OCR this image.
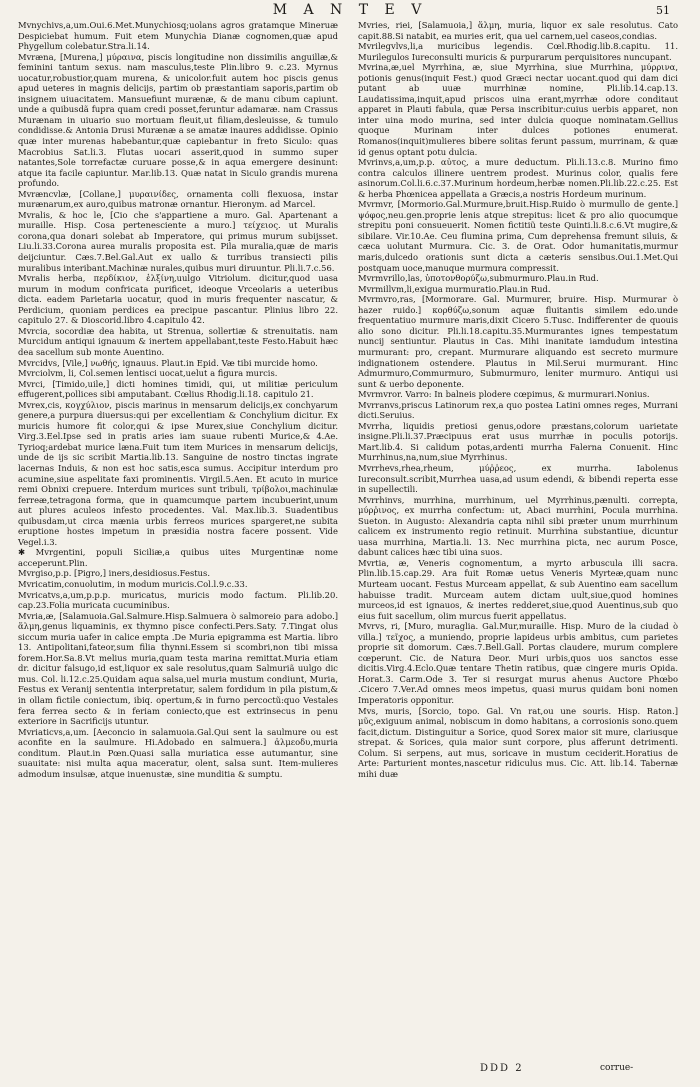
M A N T E V	51

Mvnychivs,a,um.Oui.6.Met.Munychiosq;uolans agros gratamque Mineruæ Despiciebat humum. Fuit etem Munychia Dianæ cognomen,quæ apud Phygellum colebatur.Stra.li.14.

Mvræna, [Murena,] μύραινα, piscis longitudine non dissimilis anguillæ,& feminini tantum sexus. nam masculus,teste Plin.libro 9. c.23. Myrnus uocatur,robustior,quam murena, & unicolor.fuit autem hoc piscis genus apud ueteres in magnis delicijs, partim ob præstantiam saporis,partim ob insignem uiuacitatem. Mansuefiunt murænæ, & de manu cibum capiunt. unde a quibusdã fupra quam credi posset,feruntur adamaræ. nam Crassus Murænam in uiuario suo mortuam fleuit,ut filiam,desleuisse, & tumulo condidisse.& Antonia Drusi Murænæ a se amatæ inaures addidisse. Opinio quæ inter murenas habebantur,quæ capiebantur in freto Siculo: quas Macrobius Sat.li.3. Flutas uocari asserit,quod in summo super natantes,Sole torrefactæ curuare posse,& in aqua emergere desinunt: atque ita facile capiuntur. Mar.lib.13. Quæ natat in Siculo grandis murena profundo.

Mvræncvlæ, [Collane,] μυραινίδες, ornamenta colli flexuosa, instar murænarum,ex auro,quibus matronæ ornantur. Hieronym. ad Marcel.

Mvralis, & hoc le, [Cio che s'appartiene a muro. Gal. Apartenant a muraille. Hisp. Cosa pertenesciente a muro.] τείχειος. ut Muralis corona,qua donari solebat ab Imperatore, qui primus murum subijsset. Liu.li.33.Corona aurea muralis proposita est. Pila muralia,quæ de maris deijciuntur. Cæs.7.Bel.Gal.Aut ex uallo & turribus transiecti pilis muralibus interibant.Machinæ nurales,quibus muri diruuntur. Pli.li.7.c.56.

Mvralis herba, περδίκιον, ἑλξίνη,uulgo Vitriolum. dicitur,quod uasa murum in modum confricata purificet, ideoque Vrceolaris a ueteribus dicta. eadem Parietaria uocatur, quod in muris frequenter nascatur, & Perdicium, quoniam perdices ea precipue pascantur. Plinius libro 22. capitulo 27. & Dioscorid.libro 4.capitulo 42.

Mvrcia, socordiæ dea habita, ut Strenua, sollertiæ & strenuitatis. nam Murcidum antiqui ignauum & inertem appellabant,teste Festo.Habuit hæc dea sacellum sub monte Auentino.

Mvrcidvs, [Vile,] νωθής, ignauus. Plaut.in Epid. Væ tibi murcide homo.

Mvrciolvm, li, Col.semen lentisci uocat,uelut a figura murcis.

Mvrci, [Timido,uile,] dicti homines timidi, qui, ut militiæ periculum effugerent,pollices sibi amputabant. Cœlius Rhodig.li.18. capitulo 21.

Mvrex,cis, κογχύλιον, piscis marinus in mensarum delicijs,ex conchyarum genere,a purpura diuersus:qui per excellentiam & Conchylium dicitur. Ex muricis humore fit color,qui & ipse Murex,siue Conchylium dicitur. Virg.3.Eel.Ipse sed in pratis aries iam suaue rubenti Murice,& 4.Ae. Tyrioq;ardebat murice læna.Fuit tum item Murices in mensarum delicijs, unde de ijs sic scribit Martia.lib.13. Sanguine de nostro tinctas ingrate lacernas Induis, & non est hoc satis,esca sumus. Accipitur interdum pro acumine,siue aspelitate faxi prominentis. Virgil.5.Aen. Et acuto in murice remi Obnixi crepuere. Interdum murices sunt tribuli, τρίβολοι,machinulæ ferreæ,tetragona forma, que in quamcumque partem incubuerint,unum aut plures aculeos infesto procedentes. Val. Max.lib.3. Suadentibus quibusdam,ut circa mænia urbis ferreos murices spargeret,ne subita eruptione hostes impetum in præsidia nostra facere possent. Vide Vegel.i.3.

✱ Mvrgentini, populi Siciliæ,a quibus uites Murgentinæ nome acceperunt.Plin.

Mvrgiso,p.p. [Pigro,] iners,desidiosus.Festus.

Mvricatim,conuolutim, in modum muricis.Col.l.9.c.33.

Mvricatvs,a,um,p.p.p. muricatus, muricis modo factum. Pli.lib.20. cap.23.Folia muricata cucuminibus.

Mvria,æ, [Salamuoia.Gal.Salmure.Hisp.Salmuera ò salmoreio para adobo.] ἅλμη,genus liquaminis, ex thymno pisce confecti.Pers.Saty. 7.Tingat olus siccum muria uafer in calice empta .De Muria epigramma est Martia. libro 13. Antipolitani,fateor,sum filia thynni.Essem si scombri,non tibi missa forem.Hor.Sa.8.Vt melius muria,quam testa marina remittat.Muria etiam dr. dicitur falsugo,id est,liquor ex sale resolutus,quam Salmuriã uulgo dic mus. Col. li.12.c.25.Quidam aqua salsa,uel muria mustum condiunt, Muria, Festus ex Veranij sententia interpretatur, salem fordidum in pila pistum,& in ollam fictile coniectum, ibiq. opertum,& in furno percoctũ:quo Vestales fera ferrea secto & in feriam coniecto,que est extrinsecus in penu exteriore in Sacrificijs utuntur.

Mvriaticvs,a,um. [Aeconcio in salamuoia.Gal.Qui sent la saulmure ou est aconfite en la saulmure. Hi.Adobado en salmuera.] ἁλμεοδυ,muria conditum. Plaut.in Pœn.Quasi salla muriatica esse autumantur, sine suauitate: nisi multa aqua maceratur, olent, salsa sunt. Item-mulieres admodum insulsæ, atque inuenustæ, sine munditia & sumptu.

Mvries, riei, [Salamuoia,] ἅλμη, muria, liquor ex sale resolutus. Cato capit.88.Si natabit, ea muries erit, qua uel carnem,uel caseos,condias.

Mvrilegvlvs,li,a muricibus legendis. Cœl.Rhodig.lib.8.capitu. 11. Murilegulos Iureconsulti muricis & purpurarum perquisitores nuncupant.

Mvrina,æ,uel Myrrhina, æ, siue Myrrhina, siue Murrhina, μύρρινα, potionis genus(inquit Fest.) quod Græci nectar uocant.quod qui dam dici putant ab uuæ murrhinæ nomine, Pli.lib.14.cap.13. Laudatissima,inquit,apud priscos uina erant,myrrhæ odore conditaut apparet in Plauti fabula, quæ Persa inscribitur:cuius uerbis apparet, non inter uina modo murina, sed inter dulcia quoque nominatam.Gellius quoque Murinam inter dulces potiones enumerat. Romanos(inquit)mulieres bibere solitas ferunt passum, murrinam, & quæ id genus optant potu dulcia.

Mvrinvs,a,um,p.p. αὐτος, a mure deductum. Pli.li.13.c.8. Murino fimo contra calculos illinere uentrem prodest. Murinus color, qualis fere asinorum.Col.li.6.c.37.Murinum hordeum,herbæ nomen.Pli.lib.22.c.25. Est & herba Phœnicea appellata a Græcis,a nostris Hordeum murinum.

Mvrmvr, [Mormorio.Gal.Murmure,bruit.Hisp.Ruido ò murmullo de gente.] ψόφος,neu.gen.proprie lenis atque strepitus: licet & pro alio quocumque strepitu poni consueuerit. Nomen fictitiũ teste Quinti.li.8.c.6.Vt mugire,& sibilare. Vir.10.Ae. Ceu flumina prima, Cum deprehensa fremunt siluis, & cæca uolutant Murmura. Cic. 3. de Orat. Odor humanitatis,murmur maris,dulcedo orationis sunt dicta a cæteris sensibus.Oui.1.Met.Qui postquam uoce,manuque murmura compressit.

Mvrmvrillo,las, ὑποτονθορύζω,submurmuro.Plau.in Rud.

Mvrmillvm,li,exigua murmuratio.Plau.in Rud.

Mvrmvro,ras, [Mormorare. Gal. Murmurer, bruire. Hisp. Murmurar ò hazer ruido.] κορθύζω,sonum aquæ fluitantis similem edo.unde frequentatiuo murmure maris,dixit Cicero 5.Tusc. Indifferenter de quouis alio sono dicitur. Pli.li.18.capitu.35.Murmurantes ignes tempestatum nuncij sentiuntur. Plautus in Cas. Mihi inanitate iamdudum intestina murmurant: pro, crepant. Murmurare aliquando est secreto murmure indignationem ostendere. Plautus in Mil.Serui murmurant. Hinc Admurmuro,Commurmuro, Submurmuro, leniter murmuro. Antiqui usi sunt & uerbo deponente.

Mvrmvror. Varro: In balneis plodere cœpimus, & murmurari.Nonius.

Mvrranvs,priscus Latinorum rex,a quo postea Latini omnes reges, Murrani dicti.Seruius.

Mvrrha, liquidis pretiosi genus,odore præstans,colorum uarietate insigne.Pli.li.37.Præcipuus erat usus murrhæ in poculis potorijs. Mart.lib.4. Si calidum potas,ardenti murrha Falerna Conuenit. Hinc Murrhinus,na,num,siue Myrrhinus.

Mvrrhevs,rhea,rheum, μύῤῥεος, ex murrha. Iabolenus Iureconsult.scribit,Murrhea uasa,ad usum edendi, & bibendi reperta esse in supellectili.

Mvrrhinvs, murrhina, murrhinum, uel Myrrhinus,pænulti. correpta, μύρῥινος, ex murrha confectum: ut, Abaci murrhini, Pocula murrhina. Sueton. in Augusto: Alexandria capta nihil sibi præter unum murrhinum calicem ex instrumento regio retinuit. Murrhina substantiue, dicuntur uasa murrhina, Martia.li. 13. Nec murrhina picta, nec aurum Posce, dabunt calices hæc tibi uina suos.

Mvrtia, æ, Veneris cognomentum, a myrto arbuscula illi sacra. Plin.lib.15.cap.29. Ara fuit Romæ uetus Veneris Myrteæ,quam nunc Murteam uocant. Festus Murceam appellat, & sub Auentino eam sacellum habuisse tradit. Murceam autem dictam uult,siue,quod homines murceos,id est ignauos, & inertes redderet,siue,quod Auentinus,sub quo eius fuit sacellum, olim murcus fuerit appellatus.

Mvrvs, ri, [Muro, muraglia. Gal.Mur,muraille. Hisp. Muro de la ciudad ò villa.] τεῖχος, a muniendo, proprie lapideus urbis ambitus, cum parietes proprie sit domorum. Cæs.7.Bell.Gall. Portas claudere, murum complere cœperunt. Cic. de Natura Deor. Muri urbis,quos uos sanctos esse dicitis.Virg.4.Eclo.Quæ tentare Thetin ratibus, quæ cingere muris Opida. Horat.3. Carm.Ode 3. Ter si resurgat murus ahenus Auctore Phœbo .Cicero 7.Ver.Ad omnes meos impetus, quasi murus quidam boni nomen Imperatoris opponitur.

Mvs, muris, [Sorcio, topo. Gal. Vn rat,ou une souris. Hisp. Raton.] μῦς,exiguum animal, nobiscum in domo habitans, a corrosionis sono.quem facit,dictum. Distinguitur a Sorice, quod Sorex maior sit mure, clariusque strepat. & Sorices, quia maior sunt corpore, plus afferunt detrimenti. Colum. Si serpens, aut mus, soricave in mustum ceciderit.Horatius de Arte: Parturient montes,nascetur ridiculus mus. Cic. Att. lib.14. Tabernæ mihi duæ

DDD 2	corrue-
